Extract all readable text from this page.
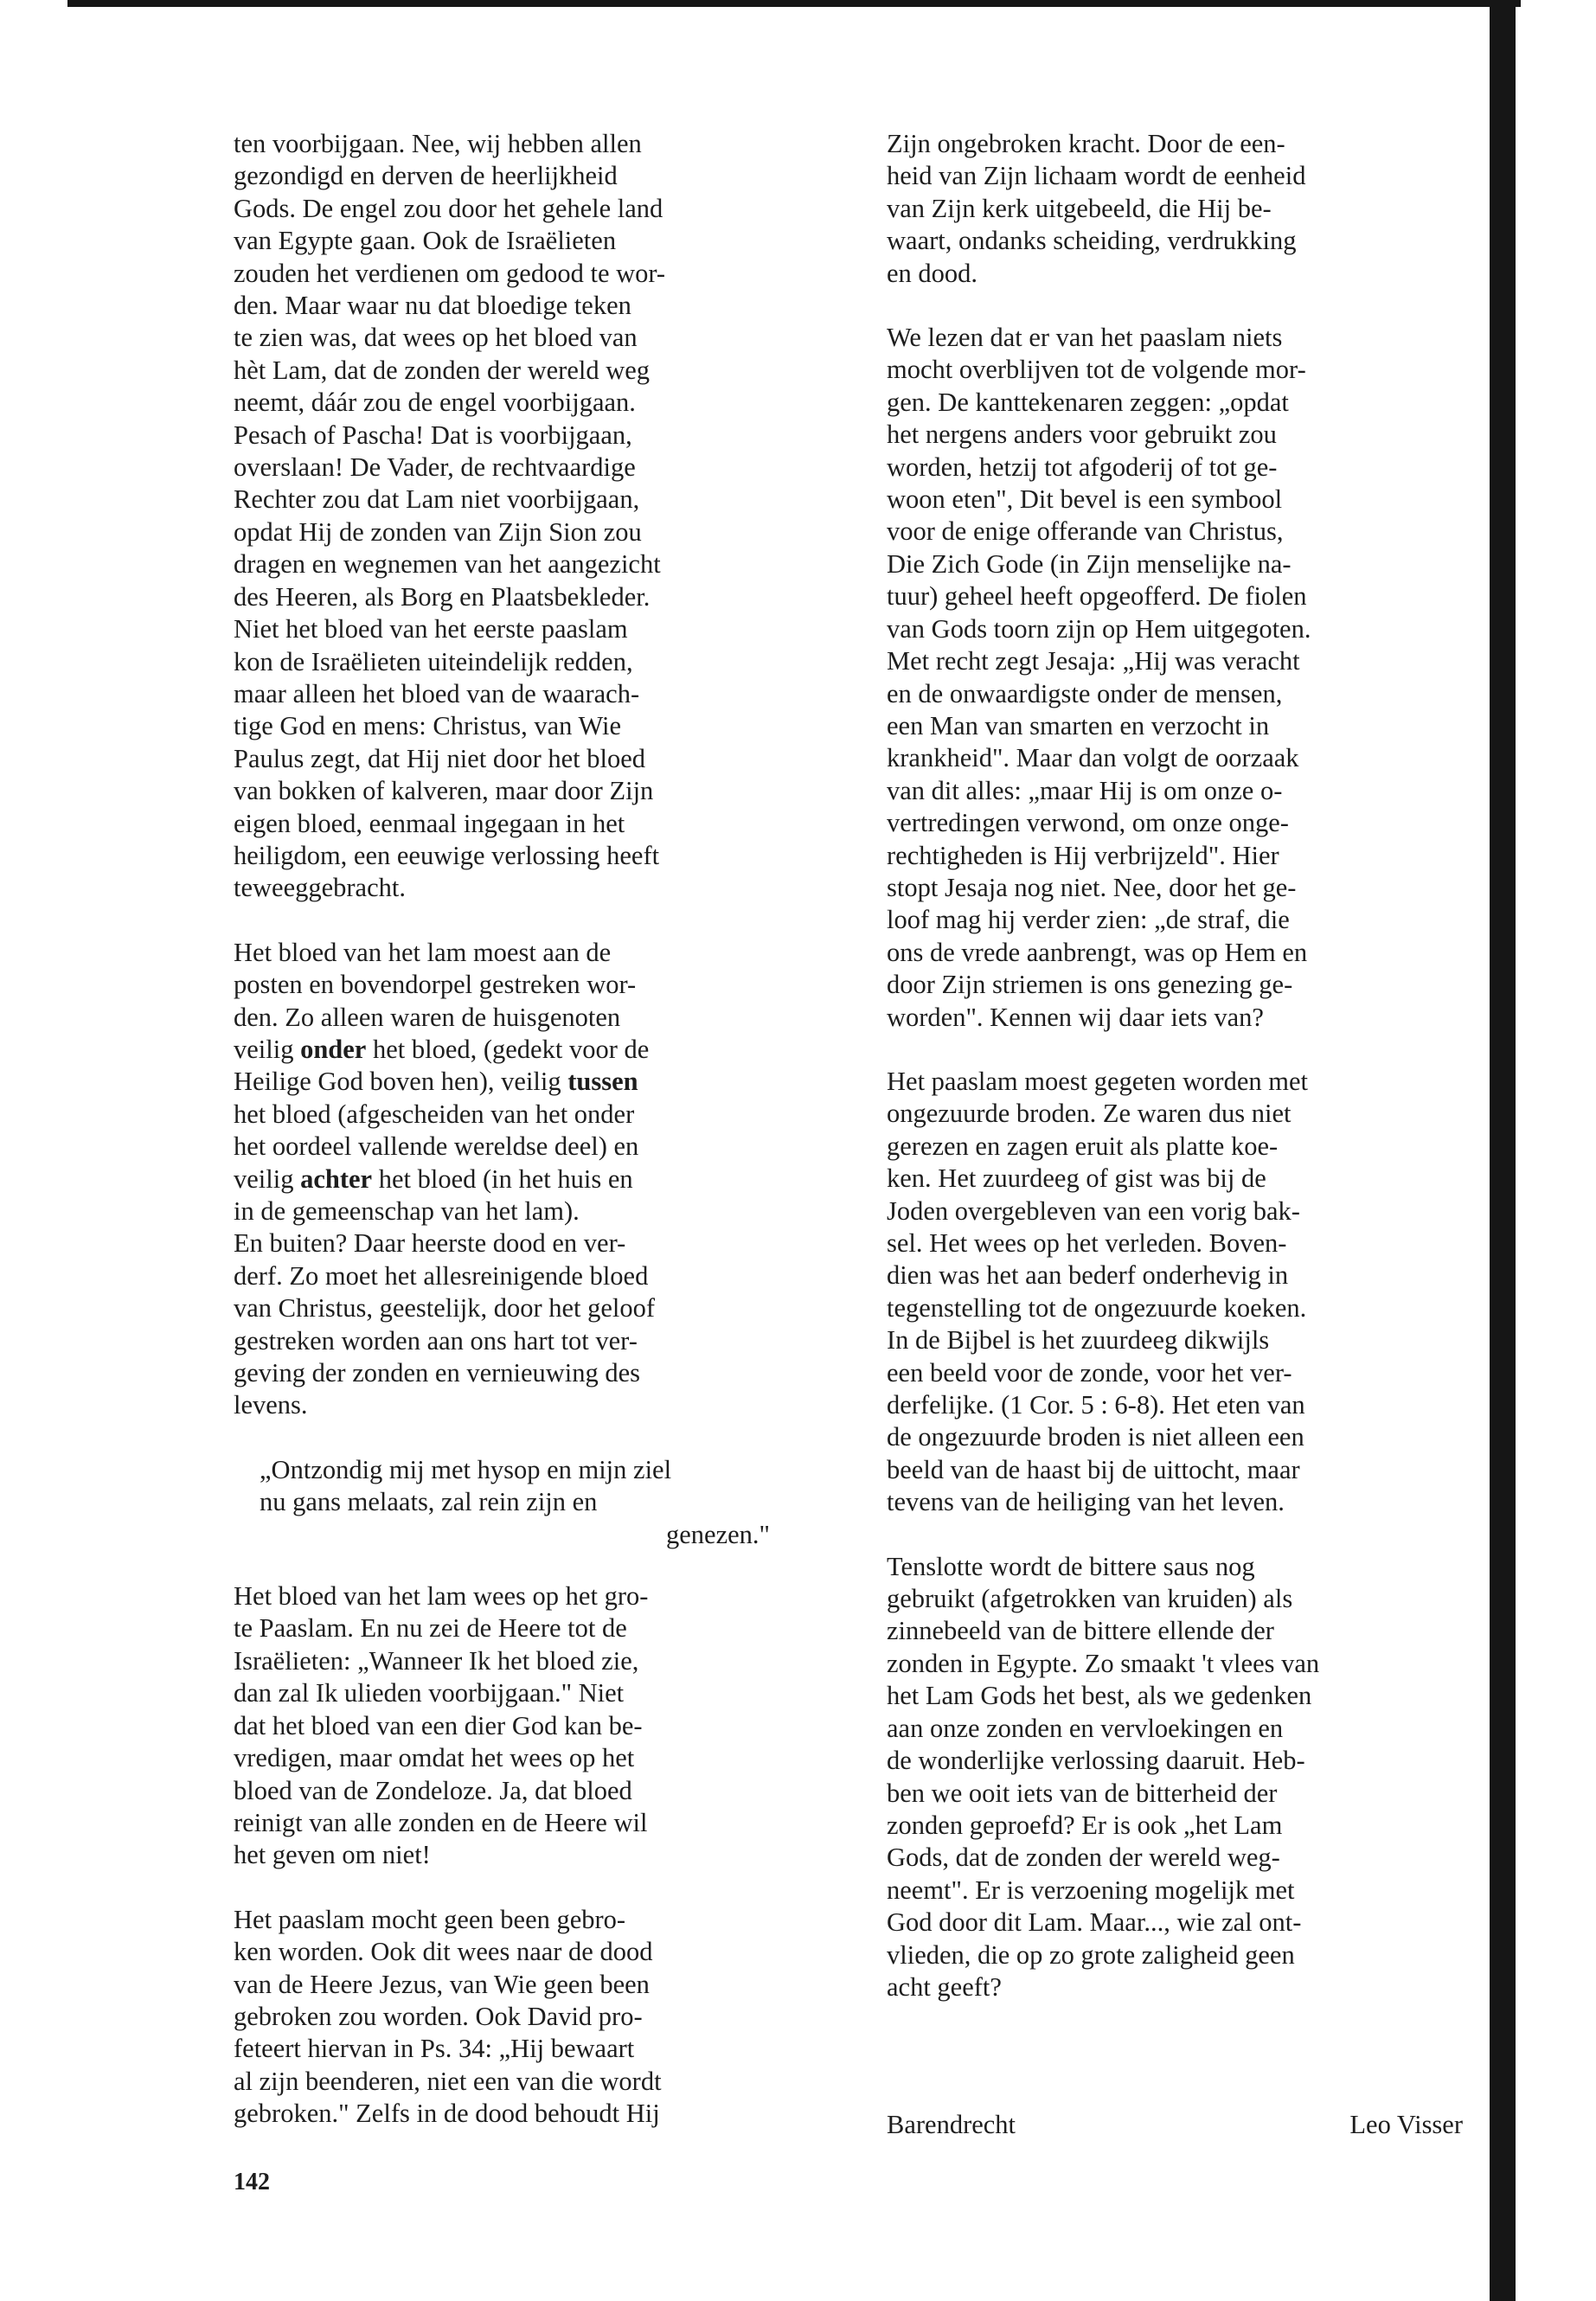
ten voorbijgaan. Nee, wij hebben allen
gezondigd en derven de heerlijkheid
Gods. De engel zou door het gehele land
van Egypte gaan. Ook de Israëlieten
zouden het verdienen om gedood te wor-
den. Maar waar nu dat bloedige teken
te zien was, dat wees op het bloed van
hèt Lam, dat de zonden der wereld weg
neemt, dáár zou de engel voorbijgaan.
Pesach of Pascha! Dat is voorbijgaan,
overslaan! De Vader, de rechtvaardige
Rechter zou dat Lam niet voorbijgaan,
opdat Hij de zonden van Zijn Sion zou
dragen en wegnemen van het aangezicht
des Heeren, als Borg en Plaatsbekleder.
Niet het bloed van het eerste paaslam
kon de Israëlieten uiteindelijk redden,
maar alleen het bloed van de waarach-
tige God en mens: Christus, van Wie
Paulus zegt, dat Hij niet door het bloed
van bokken of kalveren, maar door Zijn
eigen bloed, eenmaal ingegaan in het
heiligdom, een eeuwige verlossing heeft
teweeggebracht.

Het bloed van het lam moest aan de
posten en bovendorpel gestreken wor-
den. Zo alleen waren de huisgenoten
veilig onder het bloed, (gedekt voor de
Heilige God boven hen), veilig tussen
het bloed (afgescheiden van het onder
het oordeel vallende wereldse deel) en
veilig achter het bloed (in het huis en
in de gemeenschap van het lam).
En buiten? Daar heerste dood en ver-
derf. Zo moet het allesreinigende bloed
van Christus, geestelijk, door het geloof
gestreken worden aan ons hart tot ver-
geving der zonden en vernieuwing des
levens.

„Ontzondig mij met hysop en mijn ziel
nu gans melaats, zal rein zijn en
genezen."

Het bloed van het lam wees op het gro-
te Paaslam. En nu zei de Heere tot de
Israëlieten: „Wanneer Ik het bloed zie,
dan zal Ik ulieden voorbijgaan." Niet
dat het bloed van een dier God kan be-
vredigen, maar omdat het wees op het
bloed van de Zondeloze. Ja, dat bloed
reinigt van alle zonden en de Heere wil
het geven om niet!

Het paaslam mocht geen been gebro-
ken worden. Ook dit wees naar de dood
van de Heere Jezus, van Wie geen been
gebroken zou worden. Ook David pro-
feteert hiervan in Ps. 34: „Hij bewaart
al zijn beenderen, niet een van die wordt
gebroken." Zelfs in de dood behoudt Hij

Zijn ongebroken kracht. Door de een-
heid van Zijn lichaam wordt de eenheid
van Zijn kerk uitgebeeld, die Hij be-
waart, ondanks scheiding, verdrukking
en dood.

We lezen dat er van het paaslam niets
mocht overblijven tot de volgende mor-
gen. De kanttekenaren zeggen: „opdat
het nergens anders voor gebruikt zou
worden, hetzij tot afgoderij of tot ge-
woon eten", Dit bevel is een symbool
voor de enige offerande van Christus,
Die Zich Gode (in Zijn menselijke na-
tuur) geheel heeft opgeofferd. De fiolen
van Gods toorn zijn op Hem uitgegoten.
Met recht zegt Jesaja: „Hij was veracht
en de onwaardigste onder de mensen,
een Man van smarten en verzocht in
krankheid". Maar dan volgt de oorzaak
van dit alles: „maar Hij is om onze o-
vertredingen verwond, om onze onge-
rechtigheden is Hij verbrijzeld". Hier
stopt Jesaja nog niet. Nee, door het ge-
loof mag hij verder zien: „de straf, die
ons de vrede aanbrengt, was op Hem en
door Zijn striemen is ons genezing ge-
worden". Kennen wij daar iets van?

Het paaslam moest gegeten worden met
ongezuurde broden. Ze waren dus niet
gerezen en zagen eruit als platte koe-
ken. Het zuurdeeg of gist was bij de
Joden overgebleven van een vorig bak-
sel. Het wees op het verleden. Boven-
dien was het aan bederf onderhevig in
tegenstelling tot de ongezuurde koeken.
In de Bijbel is het zuurdeeg dikwijls
een beeld voor de zonde, voor het ver-
derfelijke. (1 Cor. 5 : 6-8). Het eten van
de ongezuurde broden is niet alleen een
beeld van de haast bij de uittocht, maar
tevens van de heiliging van het leven.

Tenslotte wordt de bittere saus nog
gebruikt (afgetrokken van kruiden) als
zinnebeeld van de bittere ellende der
zonden in Egypte. Zo smaakt 't vlees van
het Lam Gods het best, als we gedenken
aan onze zonden en vervloekingen en
de wonderlijke verlossing daaruit. Heb-
ben we ooit iets van de bitterheid der
zonden geproefd? Er is ook „het Lam
Gods, dat de zonden der wereld weg-
neemt". Er is verzoening mogelijk met
God door dit Lam. Maar..., wie zal ont-
vlieden, die op zo grote zaligheid geen
acht geeft?

Barendrecht	Leo Visser
142
